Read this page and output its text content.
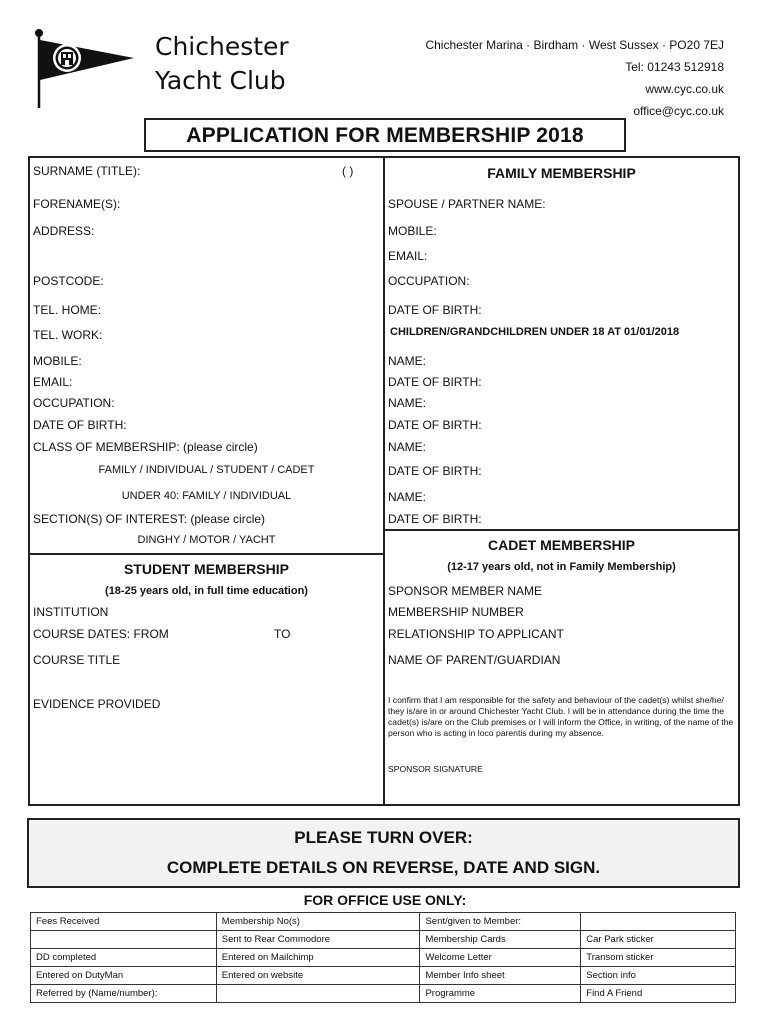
Chichester
Yacht Club
Chichester Marina · Birdham · West Sussex · PO20 7EJ
Tel: 01243 512918
www.cyc.co.uk
office@cyc.co.uk
APPLICATION FOR MEMBERSHIP 2018
SURNAME (TITLE):	( )
FORENAME(S):
ADDRESS:
POSTCODE:
TEL. HOME:
TEL. WORK:
MOBILE:
EMAIL:
OCCUPATION:
DATE OF BIRTH:
CLASS OF MEMBERSHIP: (please circle)
FAMILY / INDIVIDUAL / STUDENT / CADET
UNDER 40: FAMILY / INDIVIDUAL
SECTION(S) OF INTEREST: (please circle)
DINGHY / MOTOR / YACHT
STUDENT MEMBERSHIP
(18-25 years old, in full time education)
INSTITUTION
COURSE DATES: FROM	TO
COURSE TITLE
EVIDENCE PROVIDED
FAMILY MEMBERSHIP
SPOUSE / PARTNER NAME:
MOBILE:
EMAIL:
OCCUPATION:
DATE OF BIRTH:
CHILDREN/GRANDCHILDREN UNDER 18 AT 01/01/2018
NAME:
DATE OF BIRTH:
NAME:
DATE OF BIRTH:
NAME:
DATE OF BIRTH:
NAME:
DATE OF BIRTH:
CADET MEMBERSHIP
(12-17 years old, not in Family Membership)
SPONSOR MEMBER NAME
MEMBERSHIP NUMBER
RELATIONSHIP TO APPLICANT
NAME OF PARENT/GUARDIAN
I confirm that I am responsible for the safety and behaviour of the cadet(s) whilst she/he/ they is/are in or around Chichester Yacht Club. I will be in attendance during the time the cadet(s) is/are on the Club premises or I will inform the Office, in writing, of the name of the person who is acting in loco parentis during my absence.
SPONSOR SIGNATURE
PLEASE TURN OVER:
COMPLETE DETAILS ON REVERSE, DATE AND SIGN.
FOR OFFICE USE ONLY:
Fees Received	Membership No(s)	Sent/given to Member:	
	Sent to Rear Commodore	Membership Cards	Car Park sticker
DD completed	Entered on Mailchimp	Welcome Letter	Transom sticker
Entered on DutyMan	Entered on website	Member Info sheet	Section info
Referred by (Name/number):		Programme	Find A Friend
